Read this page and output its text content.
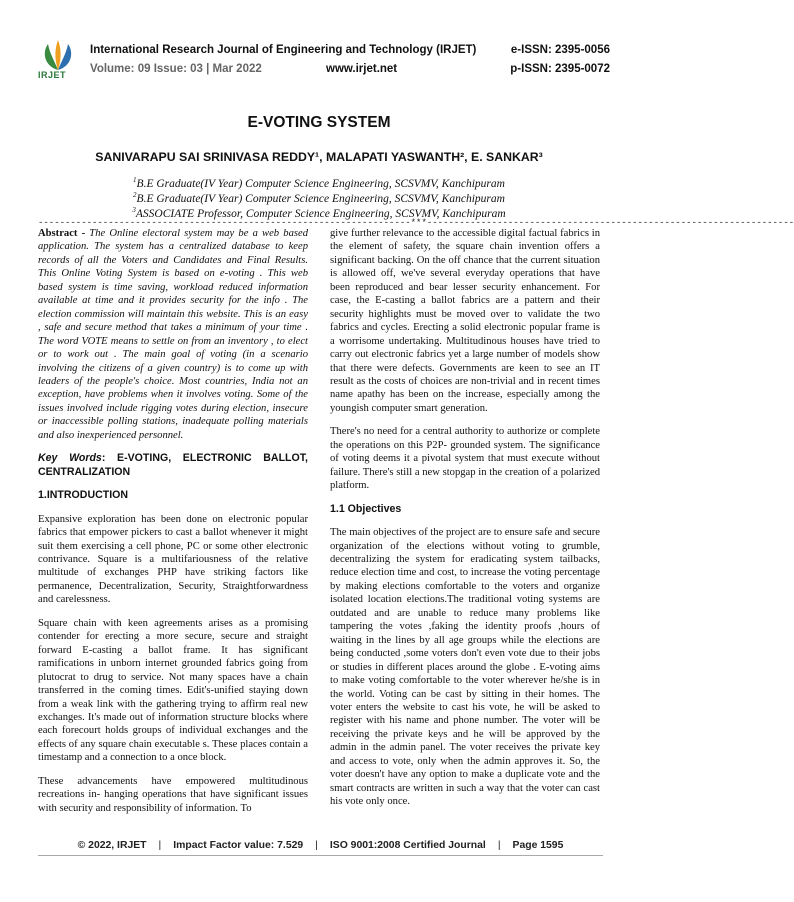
IRJET
International Research Journal of Engineering and Technology (IRJET)	e-ISSN: 2395-0056
Volume: 09 Issue: 03 | Mar 2022	www.irjet.net	p-ISSN: 2395-0072
E-VOTING SYSTEM
SANIVARAPU SAI SRINIVASA REDDY¹, MALAPATI YASWANTH², E. SANKAR³
$^1$B.E Graduate(IV Year) Computer Science Engineering, SCSVMV, Kanchipuram
$^2$B.E Graduate(IV Year) Computer Science Engineering, SCSVMV, Kanchipuram
$^3$ASSOCIATE Professor, Computer Science Engineering, SCSVMV, Kanchipuram
---------------------------------------------------------------------***--------------------------------------------------------------------

Abstract - The Online electoral system may be a web based application. The system has a centralized database to keep records of all the Voters and Candidates and Final Results. This Online Voting System is based on e-voting . This web based system is time saving, workload reduced information available at time and it provides security for the info . The election commission will maintain this website. This is an easy , safe and secure method that takes a minimum of your time . The word VOTE means to settle on from an inventory , to elect or to work out . The main goal of voting (in a scenario involving the citizens of a given country) is to come up with leaders of the people's choice. Most countries, India not an exception, have problems when it involves voting. Some of the issues involved include rigging votes during election, insecure or inaccessible polling stations, inadequate polling materials and also inexperienced personnel.

Key Words: E-VOTING, ELECTRONIC BALLOT, CENTRALIZATION

1.INTRODUCTION

Expansive exploration has been done on electronic popular fabrics that empower pickers to cast a ballot whenever it might suit them exercising a cell phone, PC or some other electronic contrivance. Square is a multifariousness of the relative multitude of exchanges PHP have striking factors like permanence, Decentralization, Security, Straightforwardness and carelessness.

Square chain with keen agreements arises as a promising contender for erecting a more secure, secure and straight forward E-casting a ballot frame. It has significant ramifications in unborn internet grounded fabrics going from plutocrat to drug to service. Not many spaces have a chain transferred in the coming times. Edit's-unified staying down from a weak link with the gathering trying to affirm real new exchanges. It's made out of information structure blocks where each forecourt holds groups of individual exchanges and the effects of any square chain executable s. These places contain a timestamp and a connection to a once block.

These advancements have empowered multitudinous recreations in- hanging operations that have significant issues with security and responsibility of information. To

give further relevance to the accessible digital factual fabrics in the element of safety, the square chain invention offers a significant backing. On the off chance that the current situation is allowed off, we've several everyday operations that have been reproduced and bear lesser security enhancement. For case, the E-casting a ballot fabrics are a pattern and their security highlights must be moved over to validate the two fabrics and cycles. Erecting a solid electronic popular frame is a worrisome undertaking. Multitudinous houses have tried to carry out electronic fabrics yet a large number of models show that there were defects. Governments are keen to see an IT result as the costs of choices are non-trivial and in recent times name apathy has been on the increase, especially among the youngish computer smart generation.

There's no need for a central authority to authorize or complete the operations on this P2P- grounded system. The significance of voting deems it a pivotal system that must execute without failure. There's still a new stopgap in the creation of a polarized platform.

1.1 Objectives

The main objectives of the project are to ensure safe and secure organization of the elections without voting to grumble, decentralizing the system for eradicating system tailbacks, reduce election time and cost, to increase the voting percentage by making elections comfortable to the voters and organize isolated location elections.The traditional voting systems are outdated and are unable to reduce many problems like tampering the votes ,faking the identity proofs ,hours of waiting in the lines by all age groups while the elections are being conducted ,some voters don't even vote due to their jobs or studies in different places around the globe . E-voting aims to make voting comfortable to the voter wherever he/she is in the world. Voting can be cast by sitting in their homes. The voter enters the website to cast his vote, he will be asked to register with his name and phone number. The voter will be receiving the private keys and he will be approved by the admin in the admin panel. The voter receives the private key and access to vote, only when the admin approves it. So, the voter doesn't have any option to make a duplicate vote and the smart contracts are written in such a way that the voter can cast his vote only once.

© 2022, IRJET | Impact Factor value: 7.529 | ISO 9001:2008 Certified Journal | Page 1595
